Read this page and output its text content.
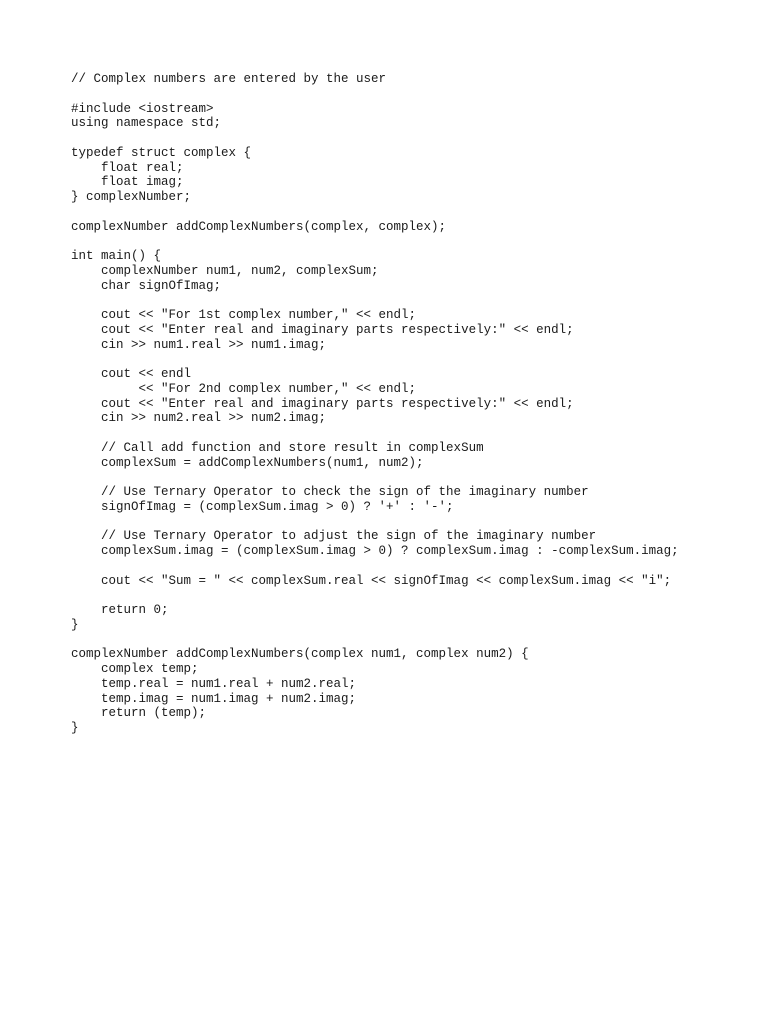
// Complex numbers are entered by the user
#include <iostream>
using namespace std;
typedef struct complex {
float real;
float imag;
} complexNumber;
complexNumber addComplexNumbers(complex, complex);
int main() {
complexNumber num1, num2, complexSum;
char signOfImag;
cout << "For 1st complex number," << endl;
cout << "Enter real and imaginary parts respectively:" << endl;
cin >> num1.real >> num1.imag;
cout << endl
<< "For 2nd complex number," << endl;
cout << "Enter real and imaginary parts respectively:" << endl;
cin >> num2.real >> num2.imag;
// Call add function and store result in complexSum
complexSum = addComplexNumbers(num1, num2);
// Use Ternary Operator to check the sign of the imaginary number
signOfImag = (complexSum.imag > 0) ? '+' : '-';
// Use Ternary Operator to adjust the sign of the imaginary number
complexSum.imag = (complexSum.imag > 0) ? complexSum.imag : -complexSum.imag;
cout << "Sum = " << complexSum.real << signOfImag << complexSum.imag << "i";
return 0;
}
complexNumber addComplexNumbers(complex num1, complex num2) {
complex temp;
temp.real = num1.real + num2.real;
temp.imag = num1.imag + num2.imag;
return (temp);
}
